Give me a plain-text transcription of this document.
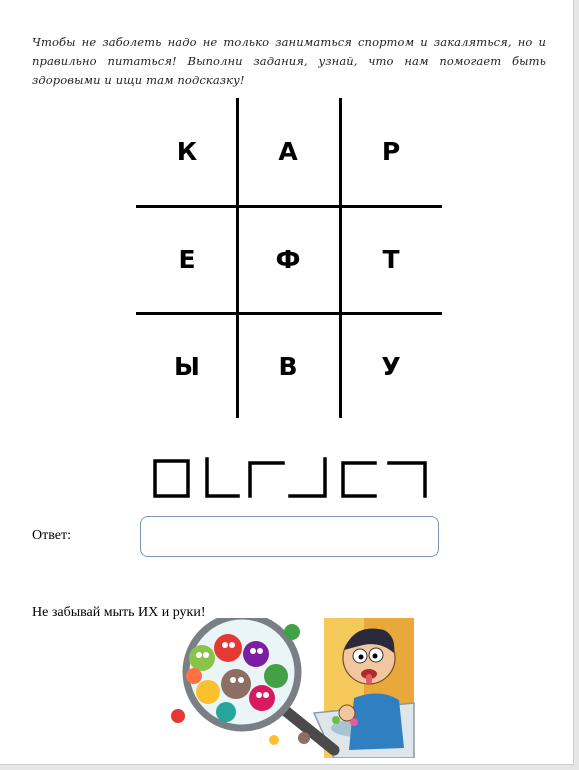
Чтобы не заболеть надо не только заниматься спортом и закаляться, но и правильно питаться! Выполни задания, узнай, что нам помогает быть здоровыми и ищи там подсказку!
К	А	Р
Е	Ф	Т
Ы	В	У
Ответ:
Не забывай мыть ИХ и руки!
